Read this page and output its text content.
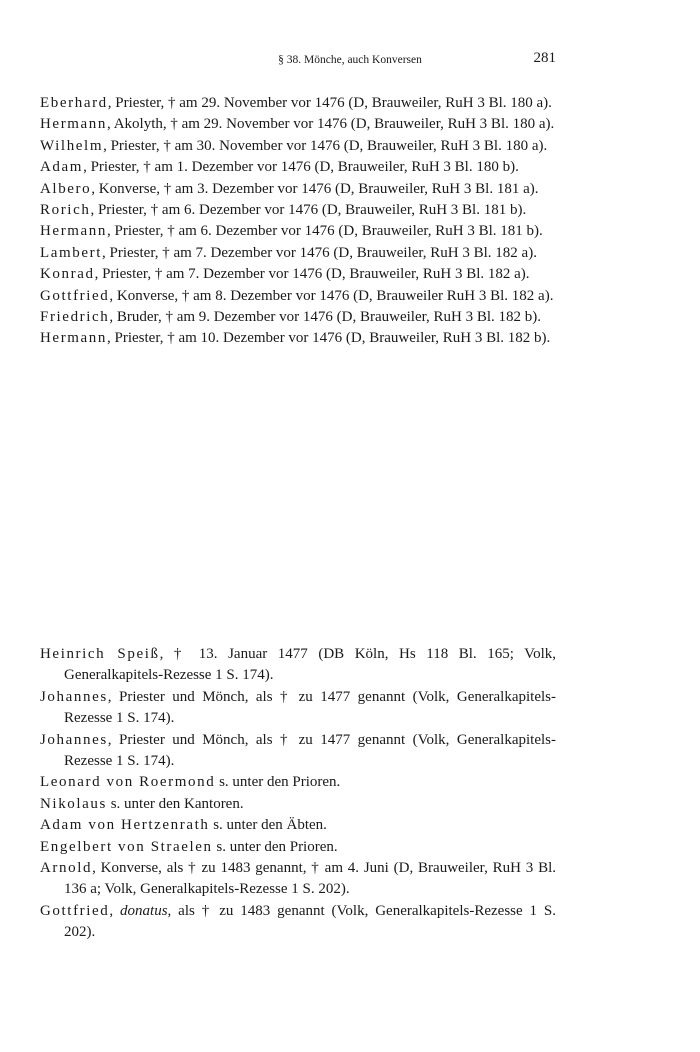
§ 38. Mönche, auch Konversen	281

Eberhard, Priester, † am 29. November vor 1476 (D, Brauweiler, RuH 3 Bl. 180 a).

Hermann, Akolyth, † am 29. November vor 1476 (D, Brauweiler, RuH 3 Bl. 180 a).

Wilhelm, Priester, † am 30. November vor 1476 (D, Brauweiler, RuH 3 Bl. 180 a).

Adam, Priester, † am 1. Dezember vor 1476 (D, Brauweiler, RuH 3 Bl. 180 b).

Albero, Konverse, † am 3. Dezember vor 1476 (D, Brauweiler, RuH 3 Bl. 181 a).

Rorich, Priester, † am 6. Dezember vor 1476 (D, Brauweiler, RuH 3 Bl. 181 b).

Hermann, Priester, † am 6. Dezember vor 1476 (D, Brauweiler, RuH 3 Bl. 181 b).

Lambert, Priester, † am 7. Dezember vor 1476 (D, Brauweiler, RuH 3 Bl. 182 a).

Konrad, Priester, † am 7. Dezember vor 1476 (D, Brauweiler, RuH 3 Bl. 182 a).

Gottfried, Konverse, † am 8. Dezember vor 1476 (D, Brauweiler RuH 3 Bl. 182 a).

Friedrich, Bruder, † am 9. Dezember vor 1476 (D, Brauweiler, RuH 3 Bl. 182 b).

Hermann, Priester, † am 10. Dezember vor 1476 (D, Brauweiler, RuH 3 Bl. 182 b).

Heinrich Speiß, † 13. Januar 1477 (DB Köln, Hs 118 Bl. 165; Volk, Generalkapitels-Rezesse 1 S. 174).

Johannes, Priester und Mönch, als † zu 1477 genannt (Volk, Generalkapitels-Rezesse 1 S. 174).

Johannes, Priester und Mönch, als † zu 1477 genannt (Volk, Generalkapitels-Rezesse 1 S. 174).

Leonard von Roermond s. unter den Prioren.

Nikolaus s. unter den Kantoren.

Adam von Hertzenrath s. unter den Äbten.

Engelbert von Straelen s. unter den Prioren.

Arnold, Konverse, als † zu 1483 genannt, † am 4. Juni (D, Brauweiler, RuH 3 Bl. 136 a; Volk, Generalkapitels-Rezesse 1 S. 202).

Gottfried, donatus, als † zu 1483 genannt (Volk, Generalkapitels-Rezesse 1 S. 202).
